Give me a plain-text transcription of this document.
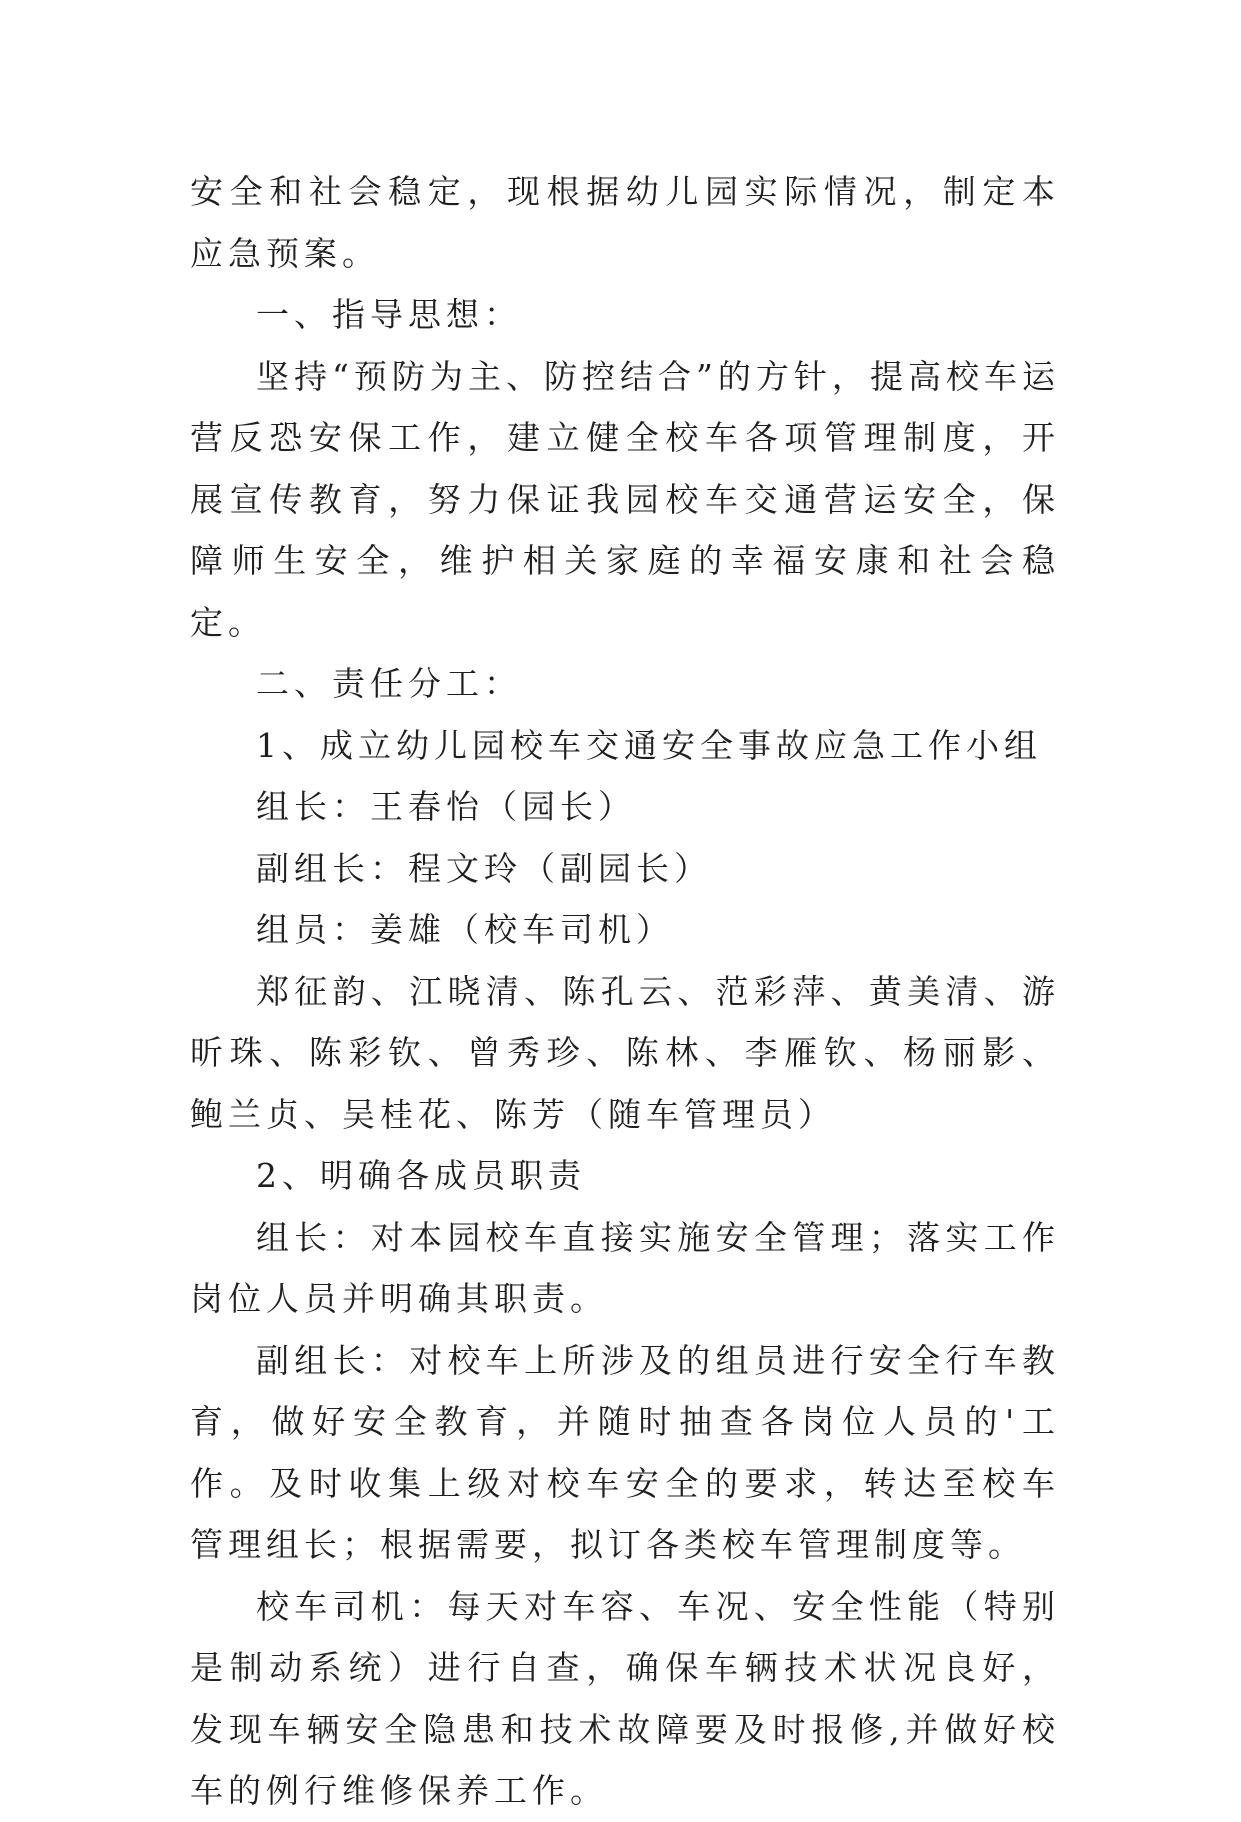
安全和社会稳定，现根据幼儿园实际情况，制定本应急预案。

一、指导思想：

坚持“预防为主、防控结合”的方针，提高校车运营反恐安保工作，建立健全校车各项管理制度，开展宣传教育，努力保证我园校车交通营运安全，保障师生安全，维护相关家庭的幸福安康和社会稳定。

二、责任分工：

1、成立幼儿园校车交通安全事故应急工作小组

组长：王春怡（园长）

副组长：程文玲（副园长）

组员：姜雄（校车司机）

郑征韵、江晓清、陈孔云、范彩萍、黄美清、游昕珠、陈彩钦、曾秀珍、陈林、李雁钦、杨丽影、鲍兰贞、吴桂花、陈芳（随车管理员）

2、明确各成员职责

组长：对本园校车直接实施安全管理；落实工作岗位人员并明确其职责。

副组长：对校车上所涉及的组员进行安全行车教育，做好安全教育，并随时抽查各岗位人员的'工作。及时收集上级对校车安全的要求，转达至校车管理组长；根据需要，拟订各类校车管理制度等。

校车司机：每天对车容、车况、安全性能（特别是制动系统）进行自查，确保车辆技术状况良好，发现车辆安全隐患和技术故障要及时报修,并做好校车的例行维修保养工作。
